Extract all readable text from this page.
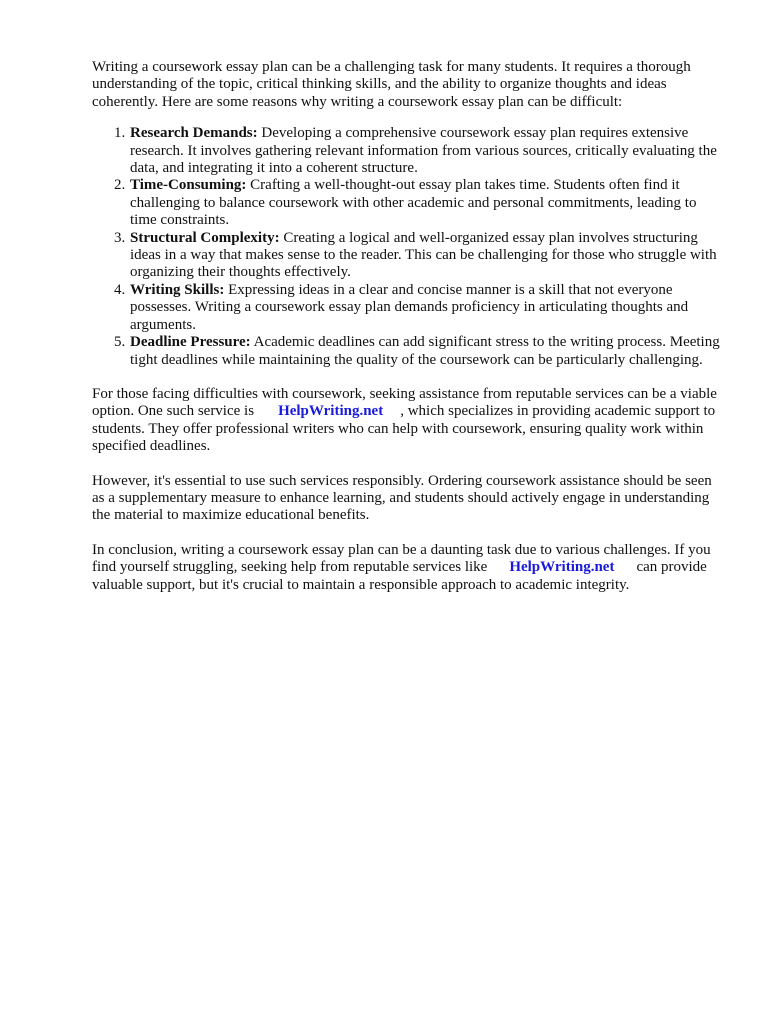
Writing a coursework essay plan can be a challenging task for many students. It requires a thorough understanding of the topic, critical thinking skills, and the ability to organize thoughts and ideas coherently. Here are some reasons why writing a coursework essay plan can be difficult:

1. Research Demands: Developing a comprehensive coursework essay plan requires extensive research. It involves gathering relevant information from various sources, critically evaluating the data, and integrating it into a coherent structure.
2. Time-Consuming: Crafting a well-thought-out essay plan takes time. Students often find it challenging to balance coursework with other academic and personal commitments, leading to time constraints.
3. Structural Complexity: Creating a logical and well-organized essay plan involves structuring ideas in a way that makes sense to the reader. This can be challenging for those who struggle with organizing their thoughts effectively.
4. Writing Skills: Expressing ideas in a clear and concise manner is a skill that not everyone possesses. Writing a coursework essay plan demands proficiency in articulating thoughts and arguments.
5. Deadline Pressure: Academic deadlines can add significant stress to the writing process. Meeting tight deadlines while maintaining the quality of the coursework can be particularly challenging.

For those facing difficulties with coursework, seeking assistance from reputable services can be a viable option. One such service is HelpWriting.net , which specializes in providing academic support to students. They offer professional writers who can help with coursework, ensuring quality work within specified deadlines.

However, it's essential to use such services responsibly. Ordering coursework assistance should be seen as a supplementary measure to enhance learning, and students should actively engage in understanding the material to maximize educational benefits.

In conclusion, writing a coursework essay plan can be a daunting task due to various challenges. If you find yourself struggling, seeking help from reputable services like HelpWriting.net can provide valuable support, but it's crucial to maintain a responsible approach to academic integrity.
